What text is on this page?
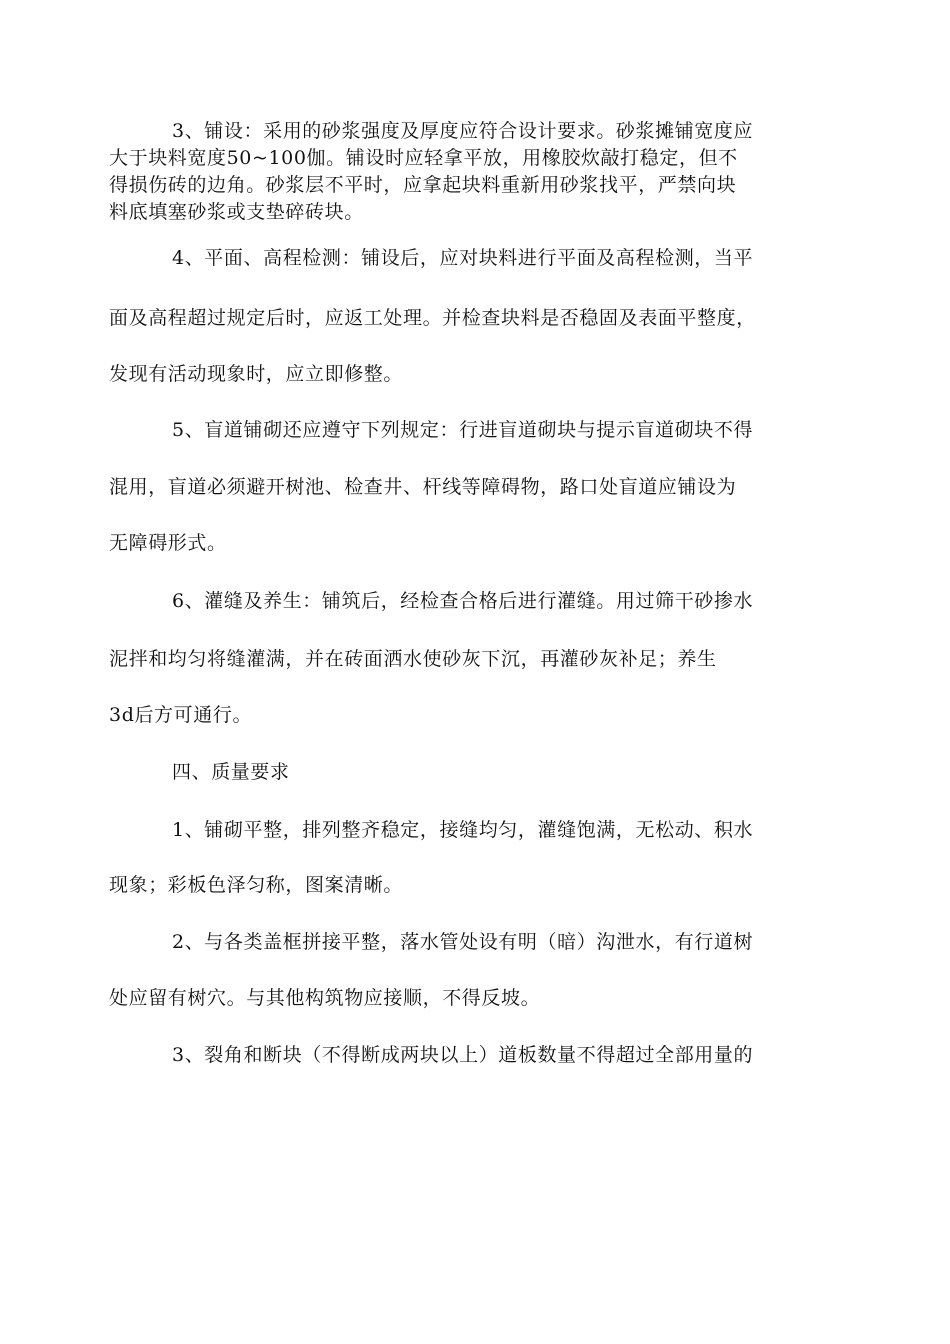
3、铺设：采用的砂浆强度及厚度应符合设计要求。砂浆摊铺宽度应
大于块料宽度50~100伽。铺设时应轻拿平放，用橡胶炊敲打稳定，但不
得损伤砖的边角。砂浆层不平时，应拿起块料重新用砂浆找平，严禁向块
料底填塞砂浆或支垫碎砖块。
4、平面、高程检测：铺设后，应对块料进行平面及高程检测，当平
面及高程超过规定后时，应返工处理。并检查块料是否稳固及表面平整度，
发现有活动现象时，应立即修整。
5、盲道铺砌还应遵守下列规定：行进盲道砌块与提示盲道砌块不得
混用，盲道必须避开树池、检查井、杆线等障碍物，路口处盲道应铺设为
无障碍形式。
6、灌缝及养生：铺筑后，经检查合格后进行灌缝。用过筛干砂掺水
泥拌和均匀将缝灌满，并在砖面洒水使砂灰下沉，再灌砂灰补足；养生
3d后方可通行。
四、质量要求
1、铺砌平整，排列整齐稳定，接缝均匀，灌缝饱满，无松动、积水
现象；彩板色泽匀称，图案清晰。
2、与各类盖框拼接平整，落水管处设有明（暗）沟泄水，有行道树
处应留有树穴。与其他构筑物应接顺，不得反坡。
3、裂角和断块（不得断成两块以上）道板数量不得超过全部用量的
